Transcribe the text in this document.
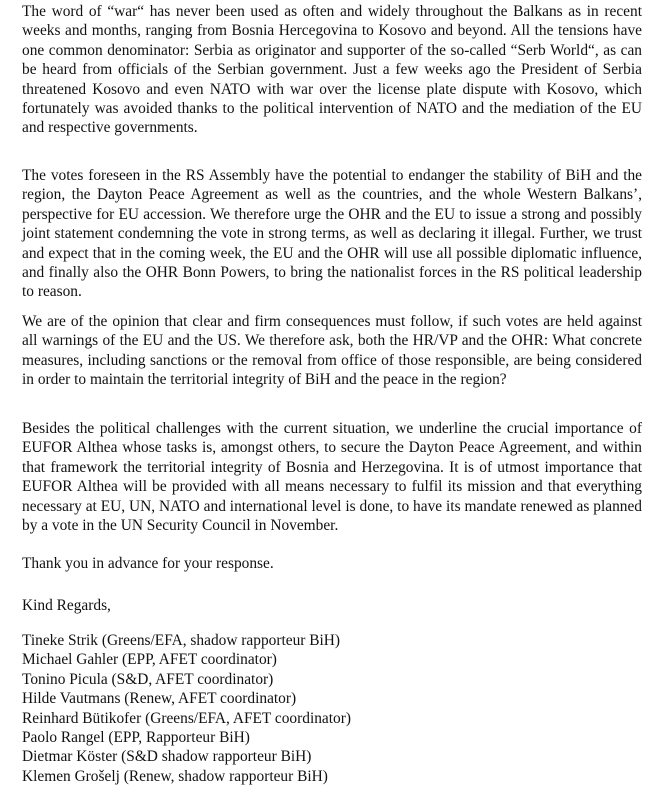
The word of “war“ has never been used as often and widely throughout the Balkans as in recent weeks and months, ranging from Bosnia Hercegovina to Kosovo and beyond. All the tensions have one common denominator: Serbia as originator and supporter of the so-called “Serb World“, as can be heard from officials of the Serbian government. Just a few weeks ago the President of Serbia threatened Kosovo and even NATO with war over the license plate dispute with Kosovo, which fortunately was avoided thanks to the political intervention of NATO and the mediation of the EU and respective governments.

The votes foreseen in the RS Assembly have the potential to endanger the stability of BiH and the region, the Dayton Peace Agreement as well as the countries, and the whole Western Balkans’, perspective for EU accession. We therefore urge the OHR and the EU to issue a strong and possibly joint statement condemning the vote in strong terms, as well as declaring it illegal. Further, we trust and expect that in the coming week, the EU and the OHR will use all possible diplomatic influence, and finally also the OHR Bonn Powers, to bring the nationalist forces in the RS political leadership to reason.

We are of the opinion that clear and firm consequences must follow, if such votes are held against all warnings of the EU and the US. We therefore ask, both the HR/VP and the OHR: What concrete measures, including sanctions or the removal from office of those responsible, are being considered in order to maintain the territorial integrity of BiH and the peace in the region?

Besides the political challenges with the current situation, we underline the crucial importance of EUFOR Althea whose tasks is, amongst others, to secure the Dayton Peace Agreement, and within that framework the territorial integrity of Bosnia and Herzegovina. It is of utmost importance that EUFOR Althea will be provided with all means necessary to fulfil its mission and that everything necessary at EU, UN, NATO and international level is done, to have its mandate renewed as planned by a vote in the UN Security Council in November.

Thank you in advance for your response.

Kind Regards,

Tineke Strik (Greens/EFA, shadow rapporteur BiH)
Michael Gahler (EPP, AFET coordinator)
Tonino Picula (S&D, AFET coordinator)
Hilde Vautmans (Renew, AFET coordinator)
Reinhard Bütikofer (Greens/EFA, AFET coordinator)
Paolo Rangel (EPP, Rapporteur BiH)
Dietmar Köster (S&D shadow rapporteur BiH)
Klemen Grošelj (Renew, shadow rapporteur BiH)
